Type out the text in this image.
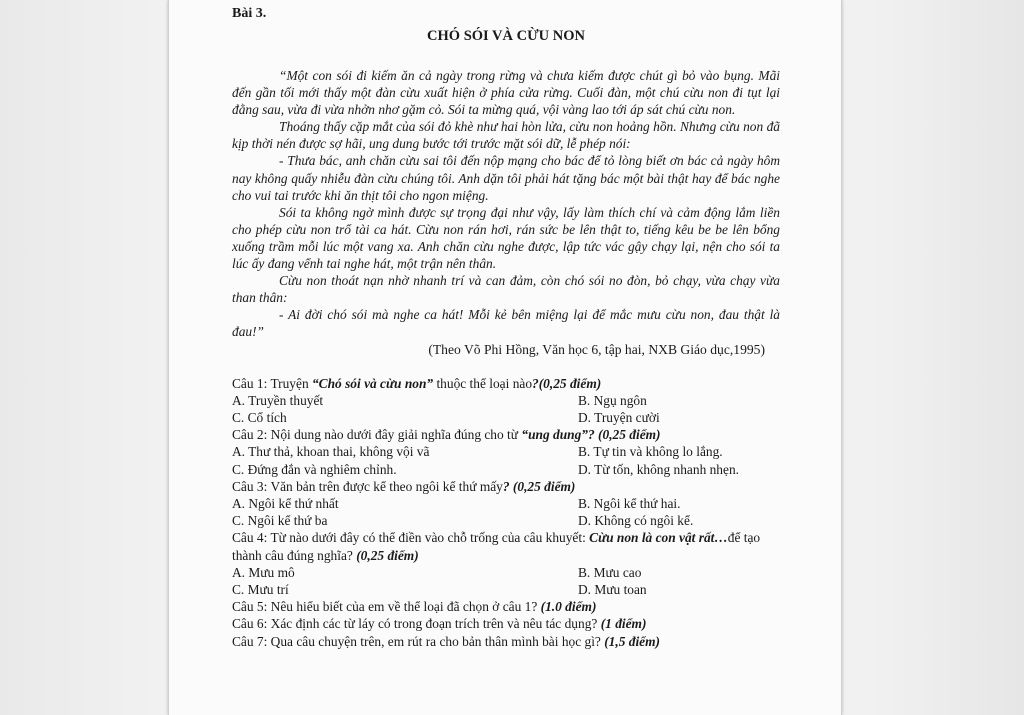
Bài 3.

CHÓ SÓI VÀ CỪU NON

“Một con sói đi kiếm ăn cả ngày trong rừng và chưa kiếm được chút gì bỏ vào bụng. Mãi đến gần tối mới thấy một đàn cừu xuất hiện ở phía cửa rừng. Cuối đàn, một chú cừu non đi tụt lại đằng sau, vừa đi vừa nhởn nhơ gặm cỏ. Sói ta mừng quá, vội vàng lao tới áp sát chú cừu non.

Thoáng thấy cặp mắt của sói đỏ khè như hai hòn lửa, cừu non hoảng hồn. Nhưng cừu non đã kịp thời nén được sợ hãi, ung dung bước tới trước mặt sói dữ, lễ phép nói:

- Thưa bác, anh chăn cừu sai tôi đến nộp mạng cho bác để tỏ lòng biết ơn bác cả ngày hôm nay không quấy nhiễu đàn cừu chúng tôi. Anh dặn tôi phải hát tặng bác một bài thật hay để bác nghe cho vui tai trước khi ăn thịt tôi cho ngon miệng.

Sói ta không ngờ mình được sự trọng đại như vậy, lấy làm thích chí và cảm động lắm liền cho phép cừu non trổ tài ca hát. Cừu non rán hơi, rán sức be lên thật to, tiếng kêu be be lên bổng xuống trầm mỗi lúc một vang xa. Anh chăn cừu nghe được, lập tức vác gậy chạy lại, nện cho sói ta lúc ấy đang vểnh tai nghe hát, một trận nên thân.

Cừu non thoát nạn nhờ nhanh trí và can đảm, còn chó sói no đòn, bỏ chạy, vừa chạy vừa than thân:

- Ai đời chó sói mà nghe ca hát! Mỗi kẻ bên miệng lại để mắc mưu cừu non, đau thật là đau!”

(Theo Võ Phi Hồng, Văn học 6, tập hai, NXB Giáo dục,1995)

Câu 1: Truyện “Chó sói và cừu non” thuộc thể loại nào?(0,25 điểm)

A. Truyền thuyết	B. Ngụ ngôn
C. Cổ tích	D. Truyện cười

Câu 2: Nội dung nào dưới đây giải nghĩa đúng cho từ “ung dung”? (0,25 điểm)

A. Thư thả, khoan thai, không vội vã	B. Tự tin và không lo lắng.
C. Đứng đắn và nghiêm chỉnh.	D. Từ tốn, không nhanh nhẹn.

Câu 3: Văn bản trên được kể theo ngôi kể thứ mấy? (0,25 điểm)

A. Ngôi kể thứ nhất	B. Ngôi kể thứ hai.
C. Ngôi kể thứ ba	D. Không có ngôi kể.

Câu 4: Từ nào dưới đây có thể điền vào chỗ trống của câu khuyết: Cừu non là con vật rất…để tạo thành câu đúng nghĩa? (0,25 điểm)

A. Mưu mô	B. Mưu cao
C. Mưu trí	D. Mưu toan

Câu 5: Nêu hiểu biết của em về thể loại đã chọn ở câu 1? (1.0 điểm)

Câu 6: Xác định các từ láy có trong đoạn trích trên và nêu tác dụng? (1 điểm)

Câu 7: Qua câu chuyện trên, em rút ra cho bản thân mình bài học gì? (1,5 điểm)
